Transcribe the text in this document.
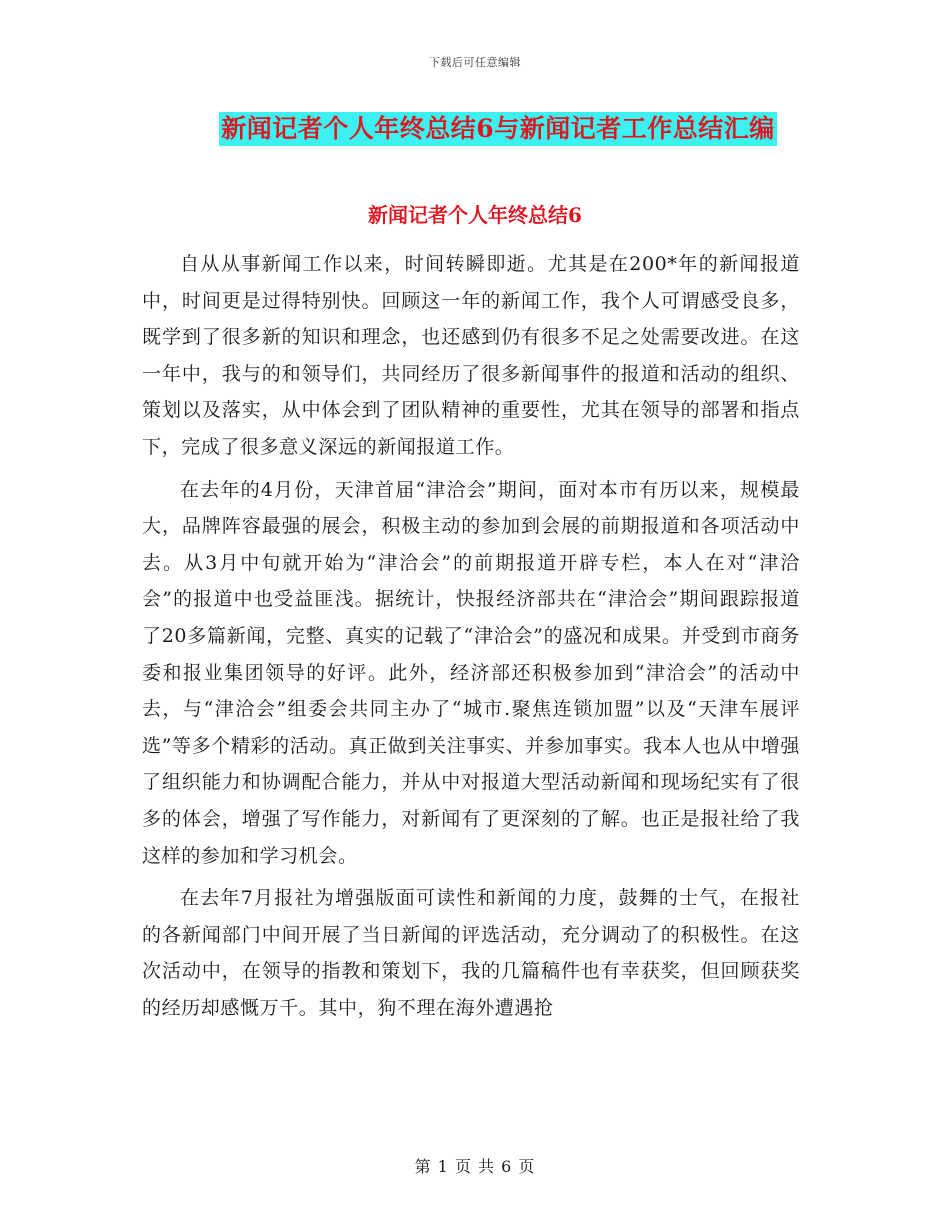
下载后可任意编辑
新闻记者个人年终总结6与新闻记者工作总结汇编
新闻记者个人年终总结6

自从从事新闻工作以来，时间转瞬即逝。尤其是在200*年的新闻报道中，时间更是过得特别快。回顾这一年的新闻工作，我个人可谓感受良多，既学到了很多新的知识和理念，也还感到仍有很多不足之处需要改进。在这一年中，我与的和领导们，共同经历了很多新闻事件的报道和活动的组织、策划以及落实，从中体会到了团队精神的重要性，尤其在领导的部署和指点下，完成了很多意义深远的新闻报道工作。

在去年的4月份，天津首届“津洽会”期间，面对本市有历以来，规模最大，品牌阵容最强的展会，积极主动的参加到会展的前期报道和各项活动中去。从3月中旬就开始为“津洽会”的前期报道开辟专栏，本人在对“津洽会”的报道中也受益匪浅。据统计，快报经济部共在“津洽会”期间跟踪报道了20多篇新闻，完整、真实的记载了“津洽会”的盛况和成果。并受到市商务委和报业集团领导的好评。此外，经济部还积极参加到“津洽会”的活动中去，与“津洽会”组委会共同主办了“城市.聚焦连锁加盟”以及“天津车展评选”等多个精彩的活动。真正做到关注事实、并参加事实。我本人也从中增强了组织能力和协调配合能力，并从中对报道大型活动新闻和现场纪实有了很多的体会，增强了写作能力，对新闻有了更深刻的了解。也正是报社给了我这样的参加和学习机会。

在去年7月报社为增强版面可读性和新闻的力度，鼓舞的士气，在报社的各新闻部门中间开展了当日新闻的评选活动，充分调动了的积极性。在这次活动中，在领导的指教和策划下，我的几篇稿件也有幸获奖，但回顾获奖的经历却感慨万千。其中，狗不理在海外遭遇抢

第 1 页 共 6 页
